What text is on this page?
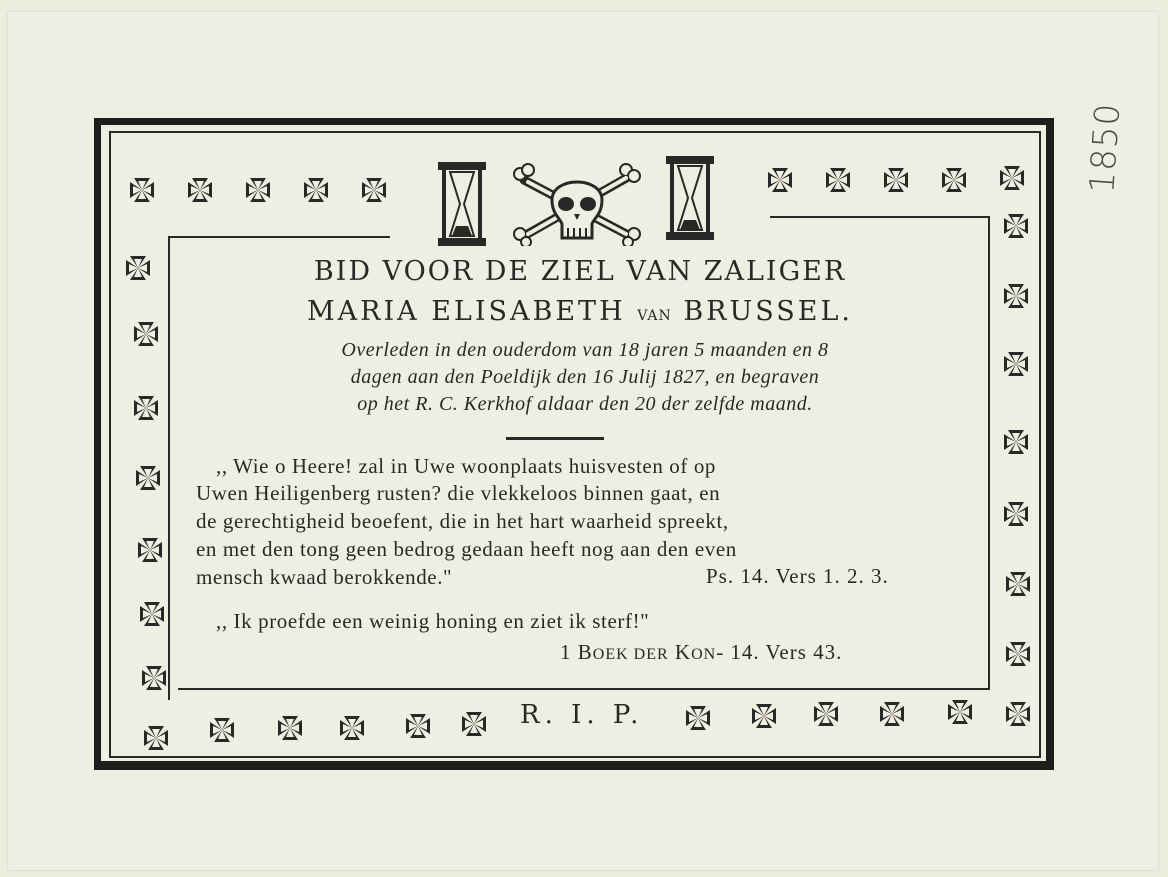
1850
BID VOOR DE ZIEL VAN ZALIGER
MARIA ELISABETH VAN BRUSSEL.
Overleden in den ouderdom van 18 jaren 5 maanden en 8
dagen aan den Poeldijk den 16 Julij 1827, en begraven
op het R. C. Kerkhof aldaar den 20 der zelfde maand.
,, Wie o Heere! zal in Uwe woonplaats huisvesten of op
Uwen Heiligenberg rusten? die vlekkeloos binnen gaat, en
de gerechtigheid beoefent, die in het hart waarheid spreekt,
en met den tong geen bedrog gedaan heeft nog aan den even
mensch kwaad berokkende."	Ps. 14. Vers 1. 2. 3.
,, Ik proefde een weinig honing en ziet ik sterf!"
1 BOEK DER KON- 14. Vers 43.
R. I. P.
